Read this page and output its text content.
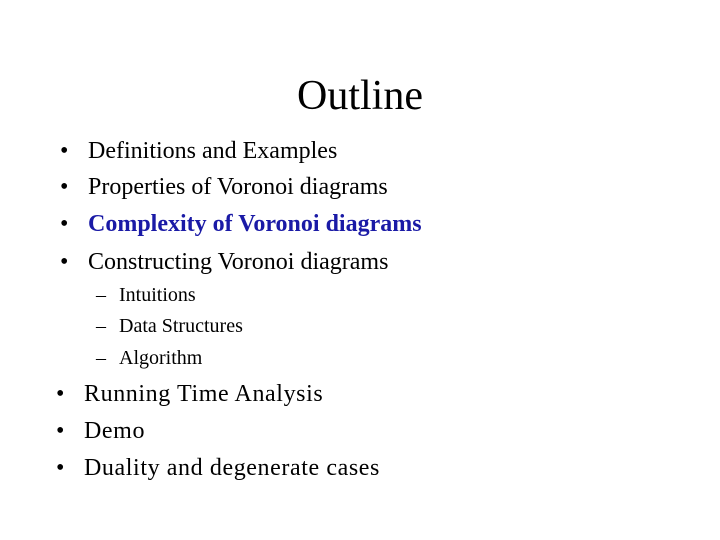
Outline
• Definitions and Examples
• Properties of Voronoi diagrams
• Complexity of Voronoi diagrams
• Constructing Voronoi diagrams
– Intuitions
– Data Structures
– Algorithm
• Running Time Analysis
• Demo
• Duality and degenerate cases
